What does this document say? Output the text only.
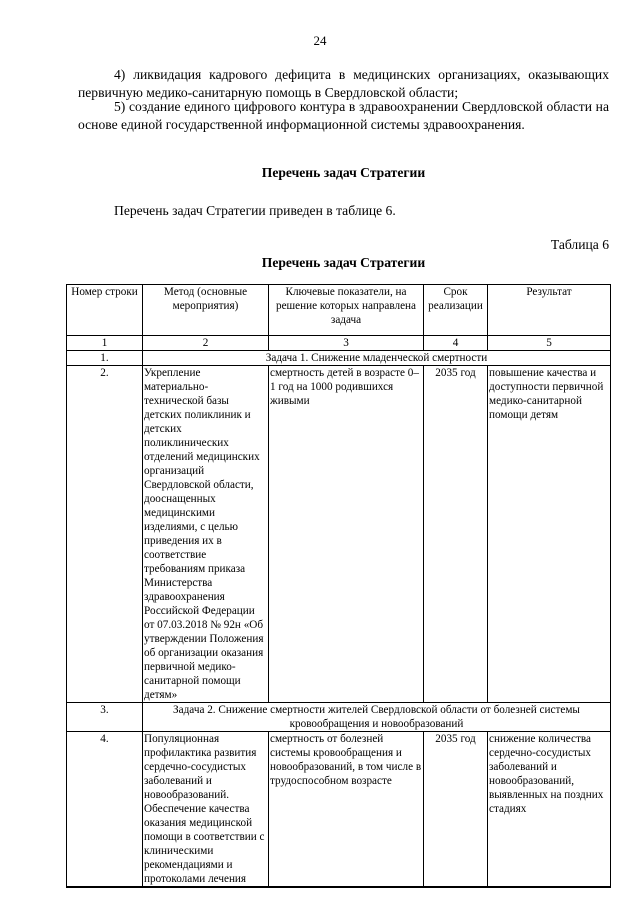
24
4) ликвидация кадрового дефицита в медицинских организациях, оказывающих первичную медико-санитарную помощь в Свердловской области;
5) создание единого цифрового контура в здравоохранении Свердловской области на основе единой государственной информационной системы здравоохранения.
Перечень задач Стратегии
Перечень задач Стратегии приведен в таблице 6.
Таблица 6
Перечень задач Стратегии
Номер строки	Метод (основные мероприятия)	Ключевые показатели, на решение которых направлена задача	Срок реализации	Результат
1	2	3	4	5
1.	Задача 1. Снижение младенческой смертности			
2.	Укрепление материально-технической базы детских поликлиник и детских поликлинических отделений медицинских организаций Свердловской области, дооснащенных медицинскими изделиями, с целью приведения их в соответствие требованиям приказа Министерства здравоохранения Российской Федерации от 07.03.2018 № 92н «Об утверждении Положения об организации оказания первичной медико-санитарной помощи детям»	смертность детей в возрасте 0–1 год на 1000 родившихся живыми	2035 год	повышение качества и доступности первичной медико-санитарной помощи детям
3.	Задача 2. Снижение смертности жителей Свердловской области от болезней системы кровообращения и новообразований			
4.	Популяционная профилактика развития сердечно-сосудистых заболеваний и новообразований. Обеспечение качества оказания медицинской помощи в соответствии с клиническими рекомендациями и протоколами лечения	смертность от болезней системы кровообращения и новообразований, в том числе в трудоспособном возрасте	2035 год	снижение количества сердечно-сосудистых заболеваний и новообразований, выявленных на поздних стадиях
